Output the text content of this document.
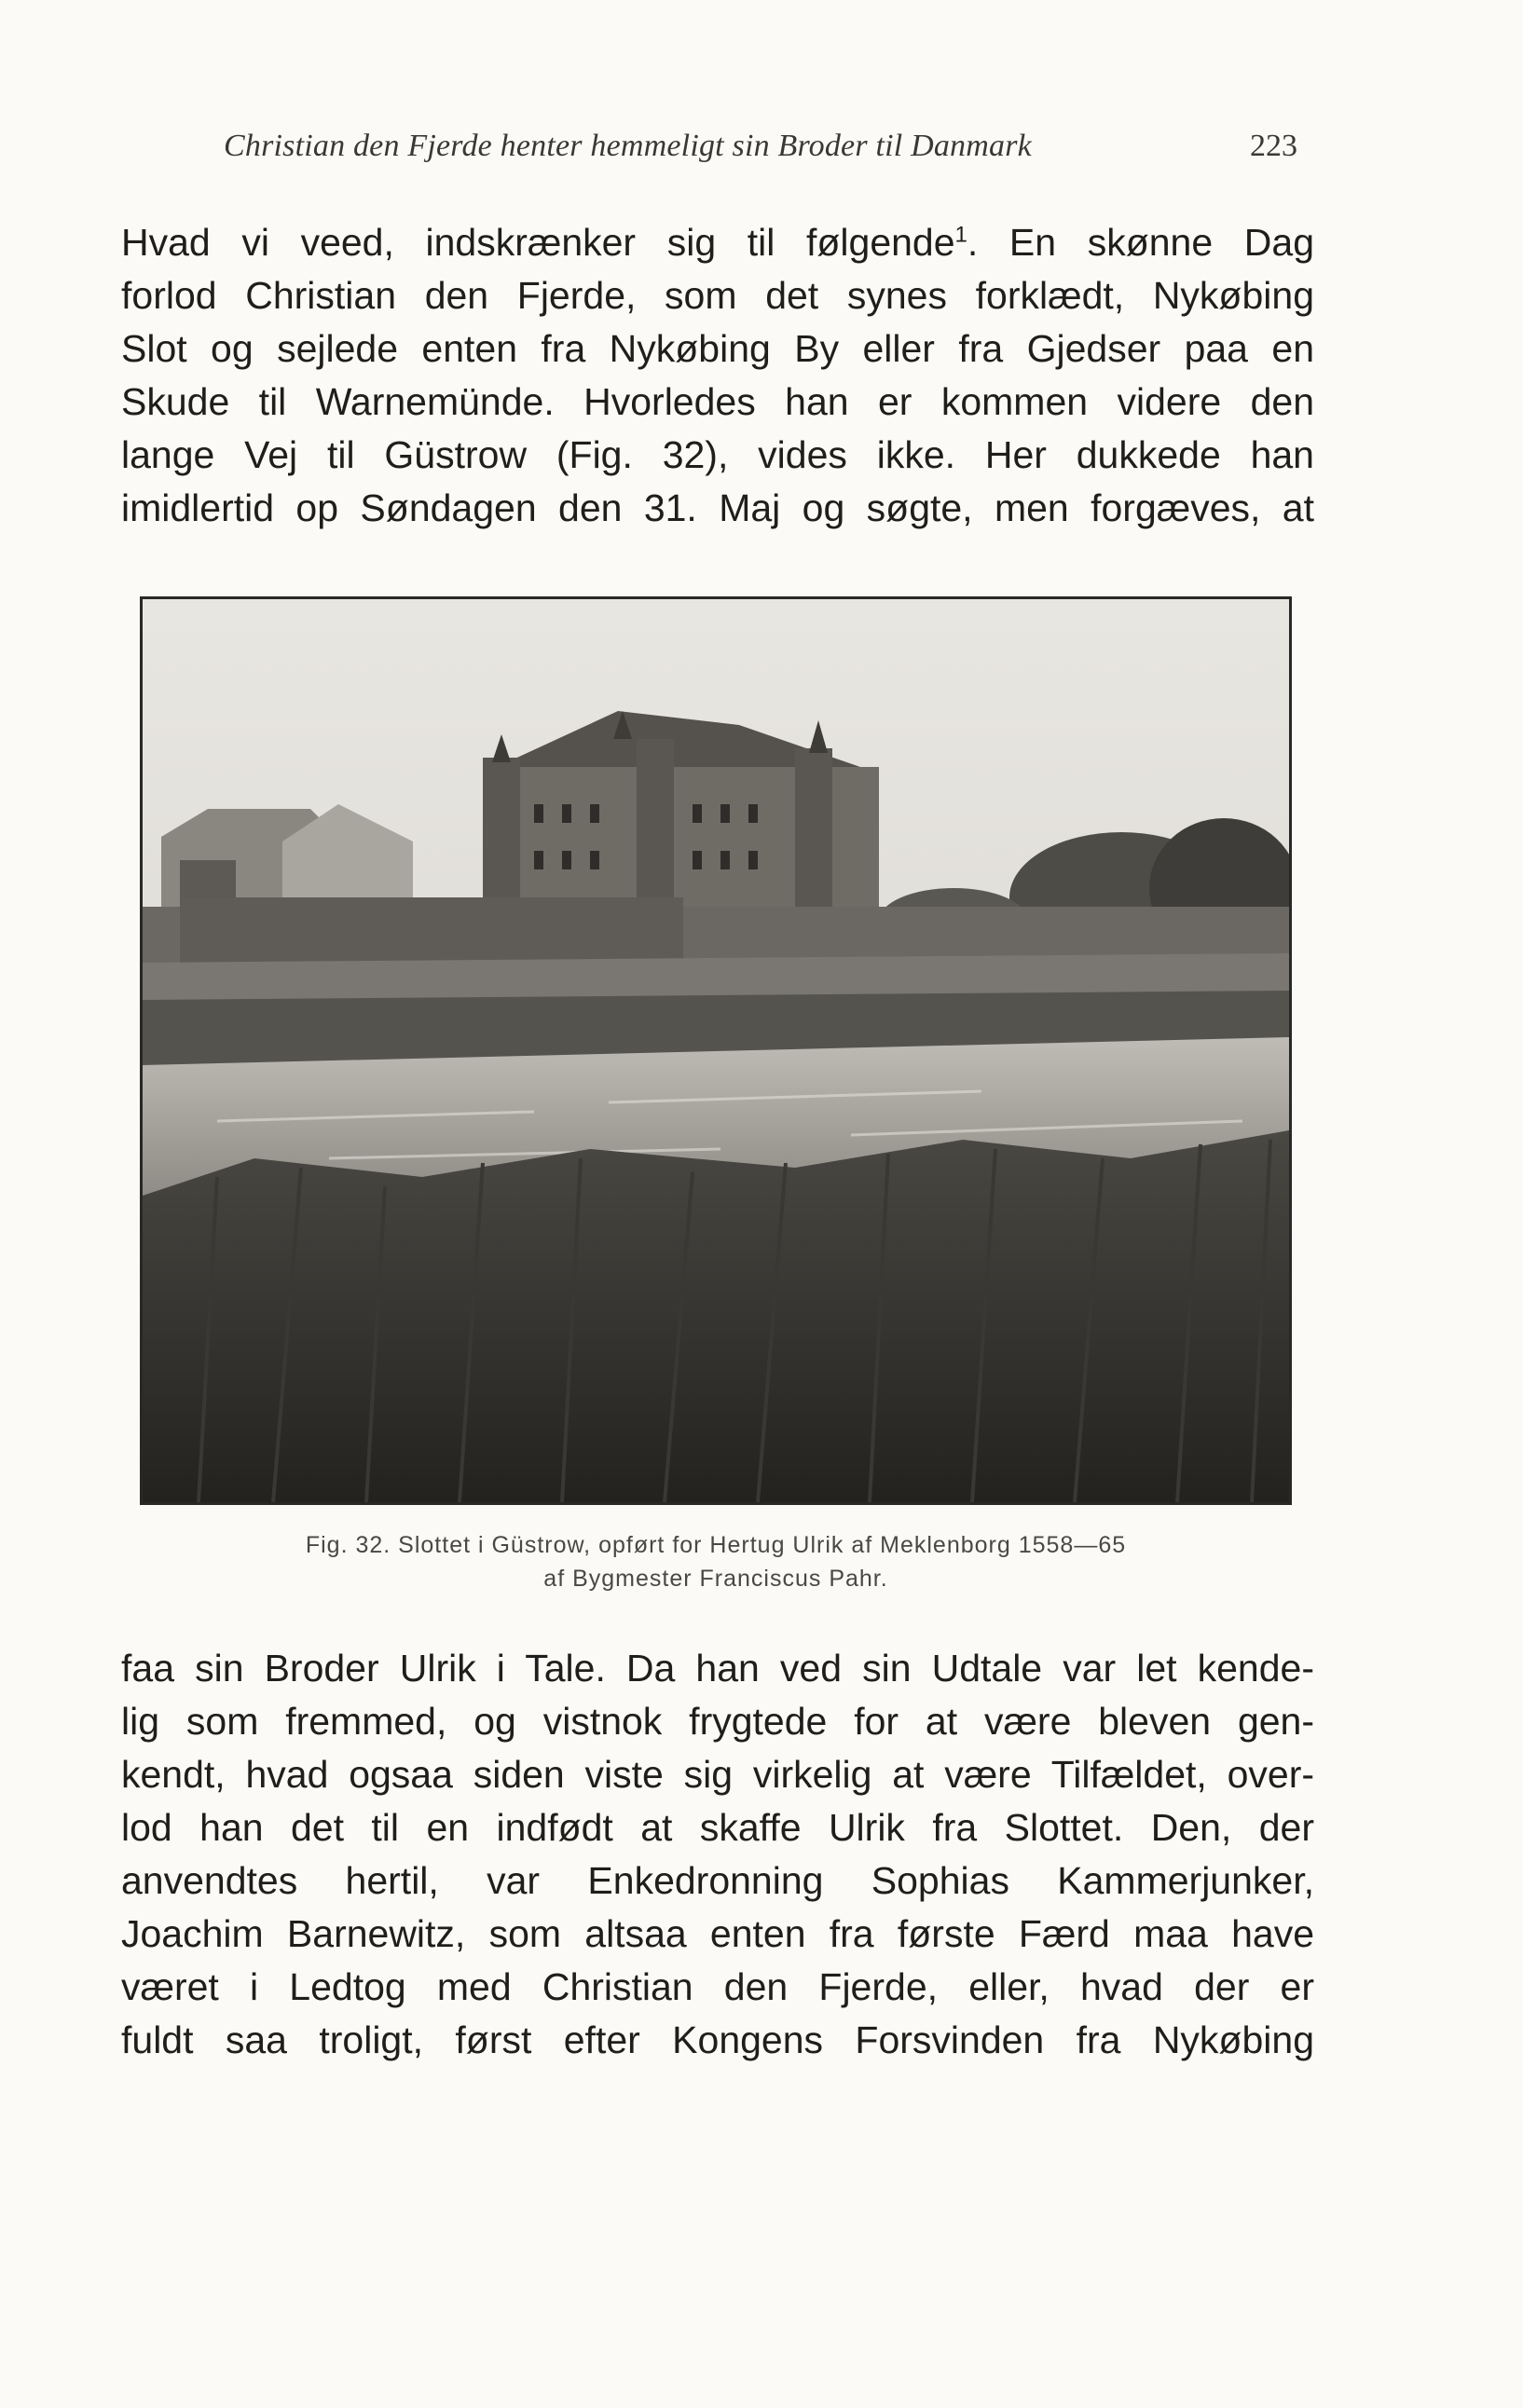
Christian den Fjerde henter hemmeligt sin Broder til Danmark	223
Hvad vi veed, indskrænker sig til følgende$^1$. En skønne Dag
forlod Christian den Fjerde, som det synes forklædt, Nykøbing
Slot og sejlede enten fra Nykøbing By eller fra Gjedser paa en
Skude til Warnemünde. Hvorledes han er kommen videre den
lange Vej til Güstrow (Fig. 32), vides ikke. Her dukkede han
imidlertid op Søndagen den 31. Maj og søgte, men forgæves, at
Fig. 32. Slottet i Güstrow, opført for Hertug Ulrik af Meklenborg 1558—65
af Bygmester Franciscus Pahr.
faa sin Broder Ulrik i Tale. Da han ved sin Udtale var let kende-
lig som fremmed, og vistnok frygtede for at være bleven gen-
kendt, hvad ogsaa siden viste sig virkelig at være Tilfældet, over-
lod han det til en indfødt at skaffe Ulrik fra Slottet. Den, der
anvendtes hertil, var Enkedronning Sophias Kammerjunker,
Joachim Barnewitz, som altsaa enten fra første Færd maa have
været i Ledtog med Christian den Fjerde, eller, hvad der er
fuldt saa troligt, først efter Kongens Forsvinden fra Nykøbing
